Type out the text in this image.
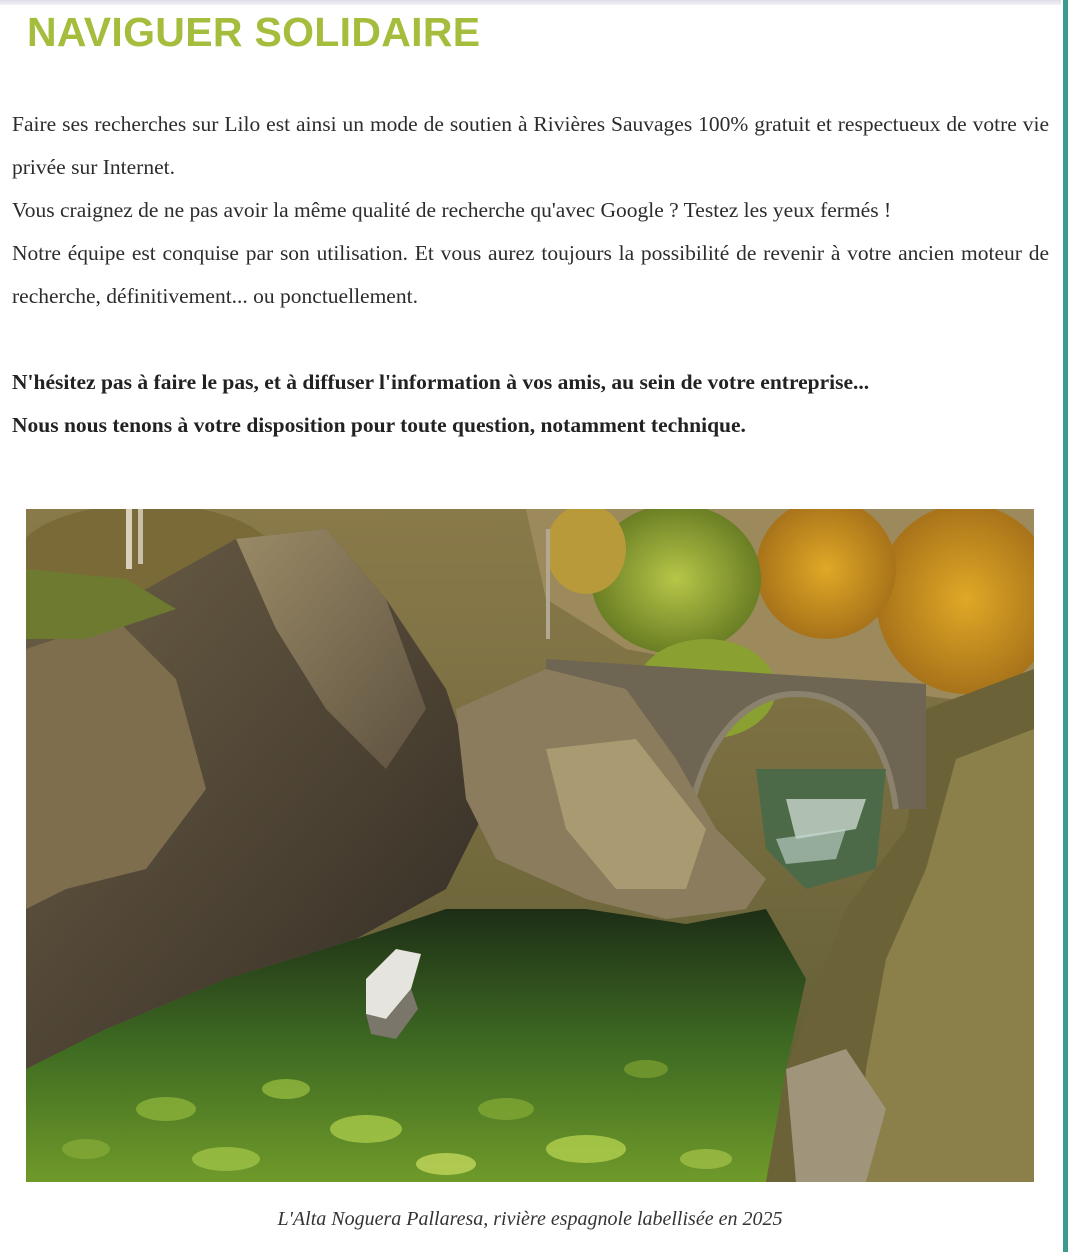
NAVIGUER SOLIDAIRE

Faire ses recherches sur Lilo est ainsi un mode de soutien à Rivières Sauvages 100% gratuit et respectueux de votre vie privée sur Internet.

Vous craignez de ne pas avoir la même qualité de recherche qu'avec Google ? Testez les yeux fermés !

Notre équipe est conquise par son utilisation. Et vous aurez toujours la possibilité de revenir à votre ancien moteur de recherche, définitivement... ou ponctuellement.

N'hésitez pas à faire le pas, et à diffuser l'information à vos amis, au sein de votre entreprise...

Nous nous tenons à votre disposition pour toute question, notamment technique.

L'Alta Noguera Pallaresa, rivière espagnole labellisée en 2025
